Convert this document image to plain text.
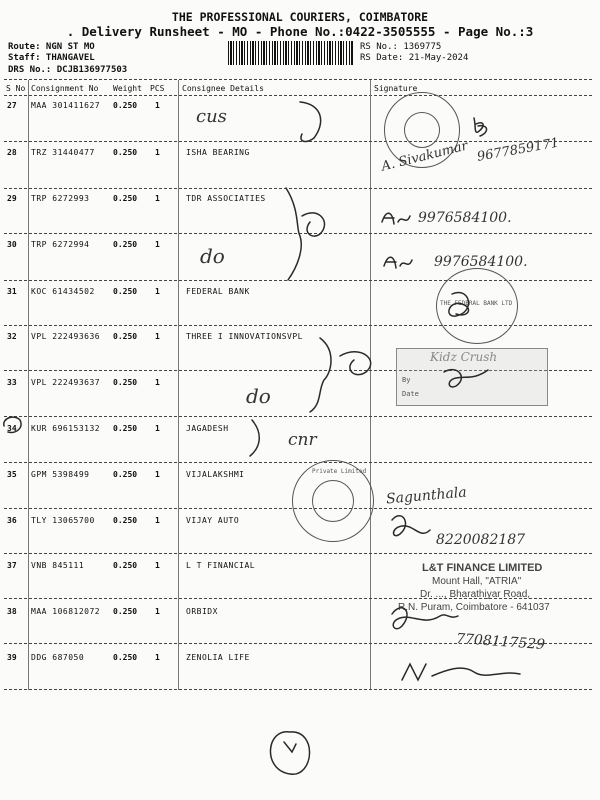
THE PROFESSIONAL COURIERS, COIMBATORE
. Delivery Runsheet - MO - Phone No.:0422-3505555 - Page No.:3
Route: NGN ST MO
Staff: THANGAVEL
DRS No.: DCJB136977503
RS No.: 1369775
RS Date: 21-May-2024
S No Consignment No Weight PCS Consignee Details	Signature
27 MAA 301411627 0.250 1
28 TRZ 31440477 0.250 1	ISHA BEARING
29 TRP 6272993	0.250 1	TDR ASSOCIATIES
30 TRP 6272994	0.250 1
31 KOC 61434502 0.250 1	FEDERAL BANK
32 VPL 222493636 0.250 1	THREE I INNOVATIONSVPL
33 VPL 222493637 0.250 1
34 KUR 696153132 0.250 1	JAGADESH
35 GPM 5398499	0.250 1	VIJALAKSHMI
36 TLY 13065700 0.250 1	VIJAY AUTO
37 VNB 845111	0.250 1	L T FINANCIAL
38 MAA 106812072 0.250 1	ORBIDX
39 DDG 687050	0.250 1	ZENOLIA LIFE
THE FEDERAL BANK LTD
Kidz Crush
By
Date
Private Limited
L&T FINANCE LIMITED
Mount Hall, "ATRIA"
Dr. ..., Bharathiyar Road,
R.N. Puram, Coimbatore - 641037
cus
A. Sivakumar 9677859171
9976584100.
do	9976584100.
do
cnr
Sagunthala
8220082187
7708117529
